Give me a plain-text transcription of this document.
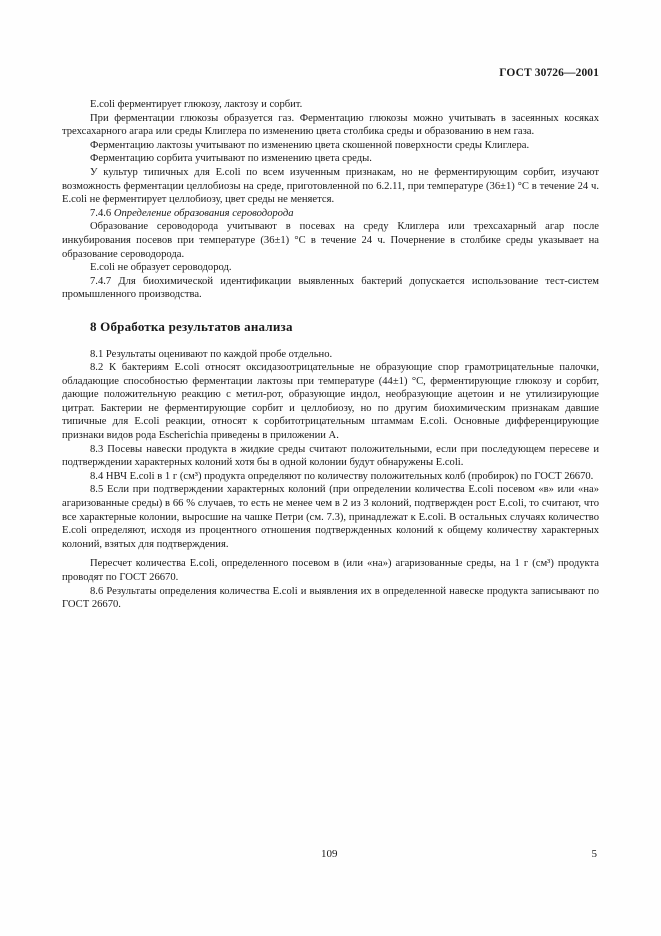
ГОСТ 30726—2001

E.coli ферментирует глюкозу, лактозу и сорбит.

При ферментации глюкозы образуется газ. Ферментацию глюкозы можно учитывать в засеянных косяках трехсахарного агара или среды Клиглера по изменению цвета столбика среды и образованию в нем газа.

Ферментацию лактозы учитывают по изменению цвета скошенной поверхности среды Клиглера.

Ферментацию сорбита учитывают по изменению цвета среды.

У культур типичных для E.coli по всем изученным признакам, но не ферментирующим сорбит, изучают возможность ферментации целлобиозы на среде, приготовленной по 6.2.11, при температуре (36±1) °С в течение 24 ч. E.coli не ферментирует целлобиозу, цвет среды не меняется.

7.4.6 Определение образования сероводорода

Образование сероводорода учитывают в посевах на среду Клиглера или трехсахарный агар после инкубирования посевов при температуре (36±1) °С в течение 24 ч. Почернение в столбике среды указывает на образование сероводорода.

E.coli не образует сероводород.

7.4.7 Для биохимической идентификации выявленных бактерий допускается использование тест-систем промышленного производства.

8 Обработка результатов анализа

8.1 Результаты оценивают по каждой пробе отдельно.

8.2 К бактериям E.coli относят оксидазоотрицательные не образующие спор грамотрицательные палочки, обладающие способностью ферментации лактозы при температуре (44±1) °С, ферментирующие глюкозу и сорбит, дающие положительную реакцию с метил-рот, образующие индол, необразующие ацетоин и не утилизирующие цитрат. Бактерии не ферментирующие сорбит и целлобиозу, но по другим биохимическим признакам давшие типичные для E.coli реакции, относят к сорбитотрицательным штаммам E.coli. Основные дифференцирующие признаки видов рода Escherichia приведены в приложении А.

8.3 Посевы навески продукта в жидкие среды считают положительными, если при последующем пересеве и подтверждении характерных колоний хотя бы в одной колонии будут обнаружены E.coli.

8.4 НВЧ E.coli в 1 г (см³) продукта определяют по количеству положительных колб (пробирок) по ГОСТ 26670.

8.5 Если при подтверждении характерных колоний (при определении количества E.coli посевом «в» или «на» агаризованные среды) в 66 % случаев, то есть не менее чем в 2 из 3 колоний, подтвержден рост E.coli, то считают, что все характерные колонии, выросшие на чашке Петри (см. 7.3), принадлежат к E.coli. В остальных случаях количество E.coli определяют, исходя из процентного отношения подтвержденных колоний к общему количеству характерных колоний, взятых для подтверждения.

Пересчет количества E.coli, определенного посевом в (или «на») агаризованные среды, на 1 г (см³) продукта проводят по ГОСТ 26670.

8.6 Результаты определения количества E.coli и выявления их в определенной навеске продукта записывают по ГОСТ 26670.

109	5
